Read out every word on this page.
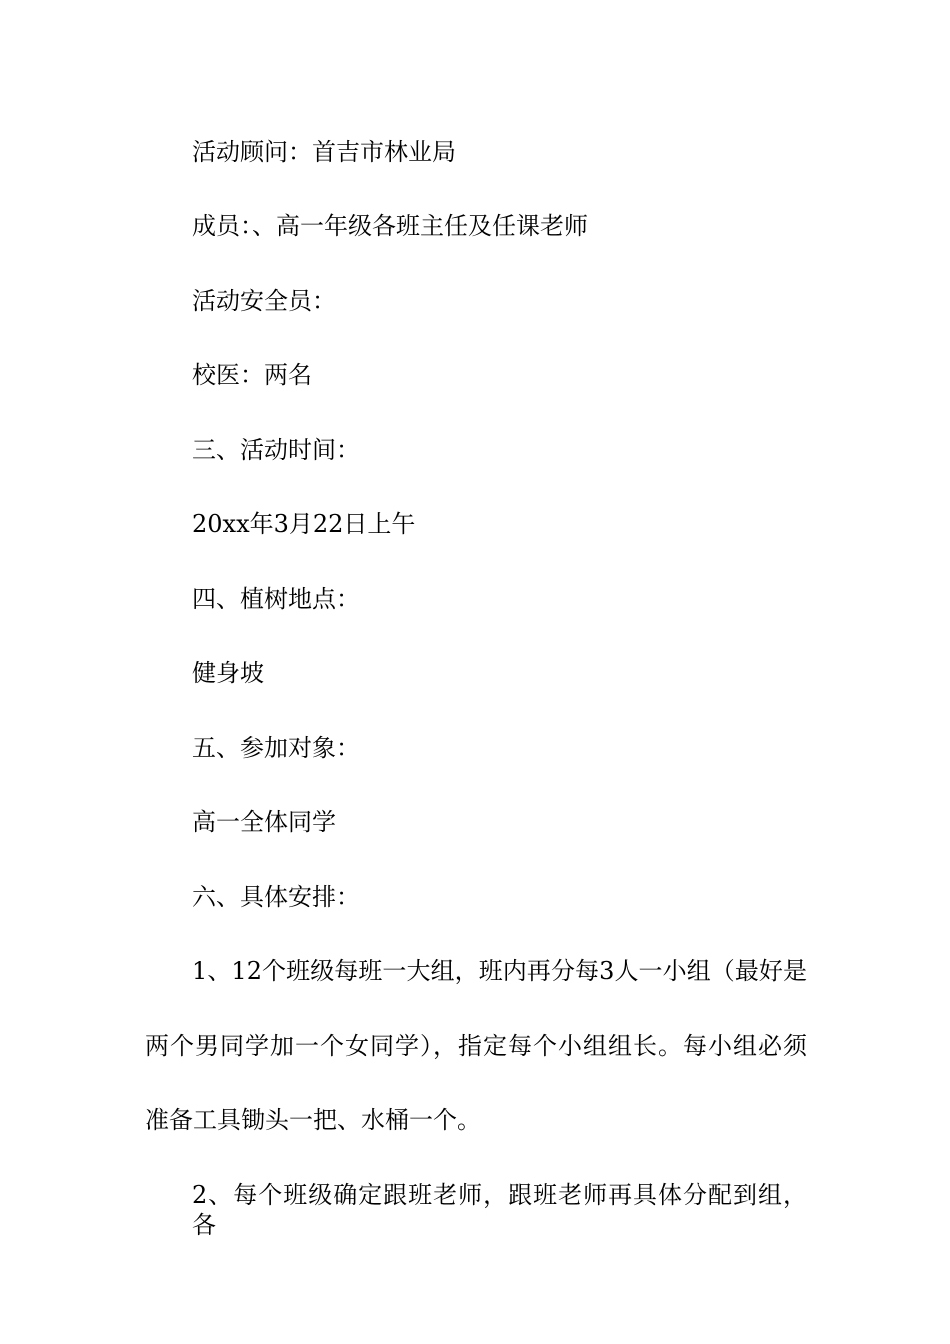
活动顾问：首吉市林业局
成员：、高一年级各班主任及任课老师
活动安全员：
校医：两名
三、活动时间：
20xx年3月22日上午
四、植树地点：
健身坡
五、参加对象：
高一全体同学
六、具体安排：
1、12个班级每班一大组，班内再分每3人一小组（最好是
两个男同学加一个女同学），指定每个小组组长。每小组必须
准备工具锄头一把、水桶一个。
2、每个班级确定跟班老师，跟班老师再具体分配到组，各
